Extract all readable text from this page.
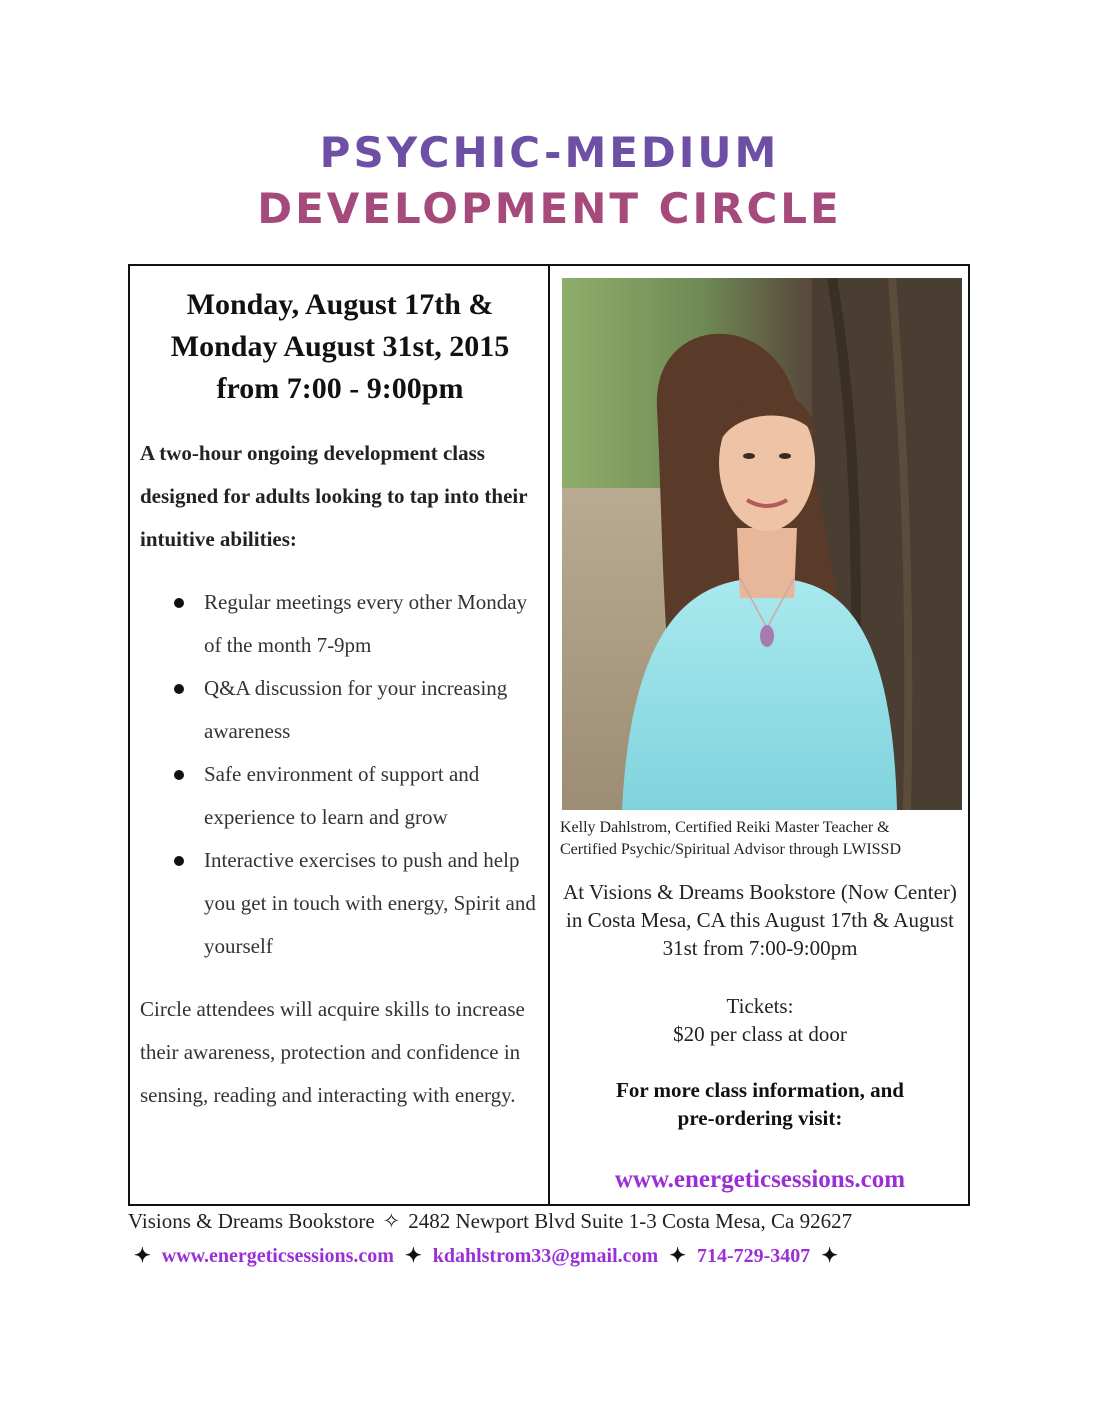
PSYCHIC-MEDIUM
DEVELOPMENT CIRCLE
Monday, August 17th &
Monday August 31st, 2015
from 7:00 - 9:00pm
A two-hour ongoing development class designed for adults looking to tap into their intuitive abilities:
Regular meetings every other Monday of the month 7-9pm
Q&A discussion for your increasing awareness
Safe environment of support and experience to learn and grow
Interactive exercises to push and help you get in touch with energy, Spirit and yourself
Circle attendees will acquire skills to increase their awareness, protection and confidence in sensing, reading and interacting with energy.
Kelly Dahlstrom, Certified Reiki Master Teacher &
Certified Psychic/Spiritual Advisor through LWISSD
At Visions & Dreams Bookstore (Now Center) in Costa Mesa, CA this August 17th & August 31st from 7:00-9:00pm
Tickets:
$20 per class at door
For more class information, and
pre-ordering visit:
www.energeticsessions.com
Visions & Dreams Bookstore ✧ 2482 Newport Blvd Suite 1-3 Costa Mesa, Ca 92627
✦ www.energeticsessions.com ✦ kdahlstrom33@gmail.com ✦ 714-729-3407 ✦
